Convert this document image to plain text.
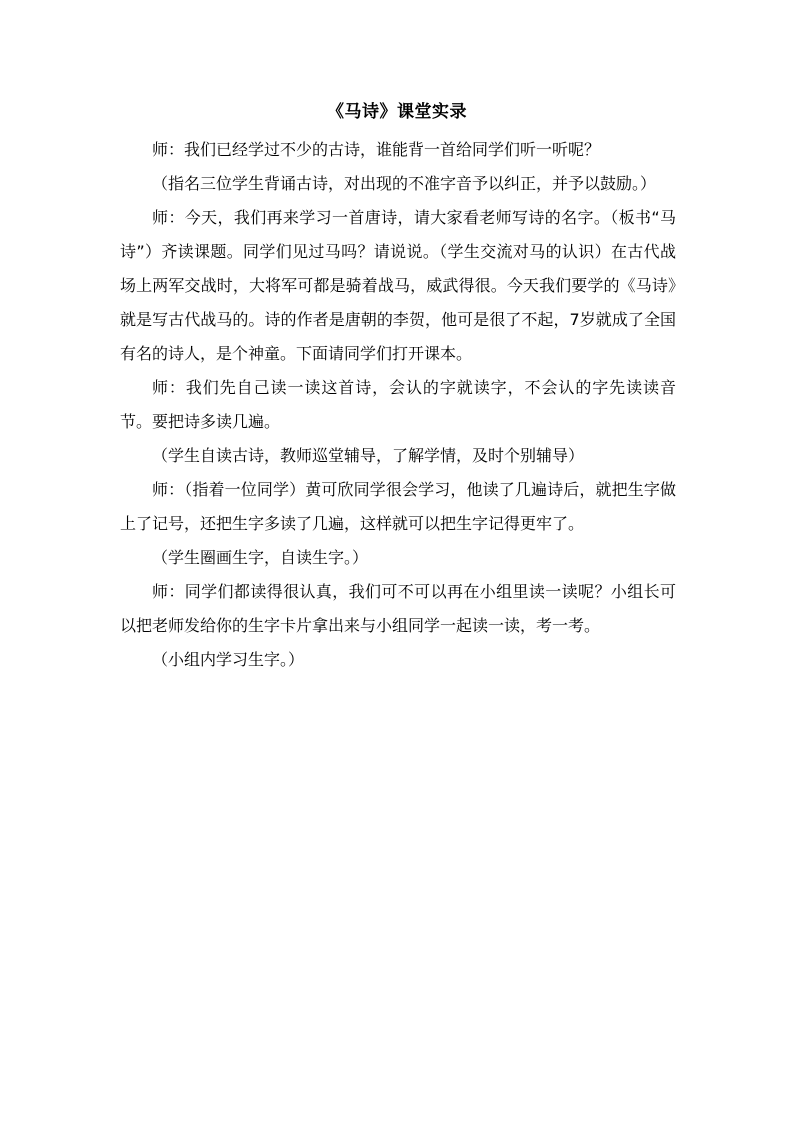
《马诗》课堂实录

师：我们已经学过不少的古诗，谁能背一首给同学们听一听呢？

（指名三位学生背诵古诗，对出现的不准字音予以纠正，并予以鼓励。）

师：今天，我们再来学习一首唐诗，请大家看老师写诗的名字。（板书“马诗”）齐读课题。同学们见过马吗？请说说。（学生交流对马的认识）在古代战场上两军交战时，大将军可都是骑着战马，威武得很。今天我们要学的《马诗》就是写古代战马的。诗的作者是唐朝的李贺，他可是很了不起，7岁就成了全国有名的诗人，是个神童。下面请同学们打开课本。

师：我们先自己读一读这首诗，会认的字就读字，不会认的字先读读音节。要把诗多读几遍。

（学生自读古诗，教师巡堂辅导，了解学情，及时个别辅导）

师：（指着一位同学）黄可欣同学很会学习，他读了几遍诗后，就把生字做上了记号，还把生字多读了几遍，这样就可以把生字记得更牢了。

（学生圈画生字，自读生字。）

师：同学们都读得很认真，我们可不可以再在小组里读一读呢？小组长可以把老师发给你的生字卡片拿出来与小组同学一起读一读，考一考。

（小组内学习生字。）
